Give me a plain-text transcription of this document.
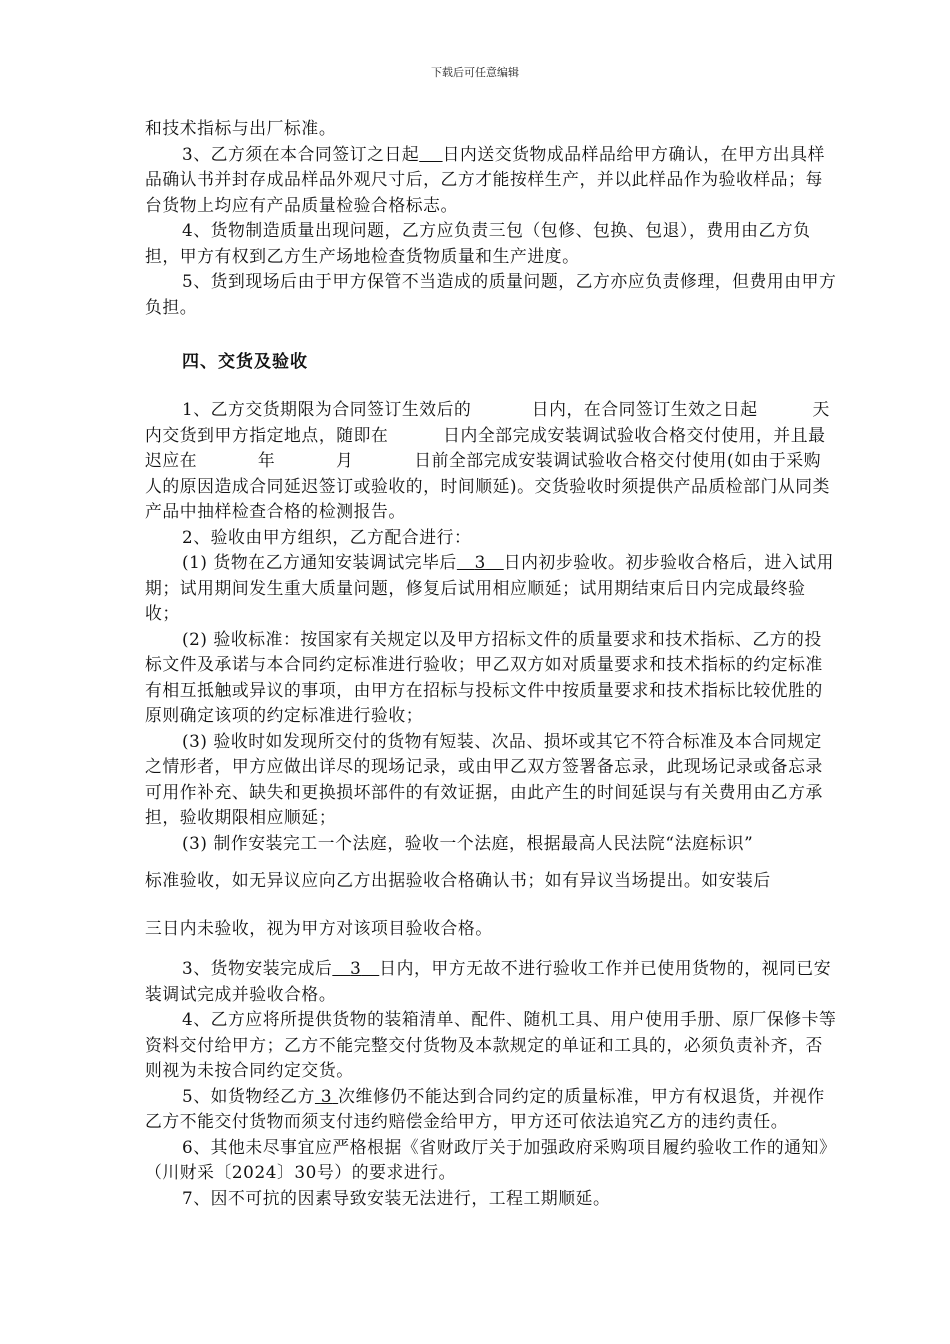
下载后可任意编辑

和技术指标与出厂标准。

3、乙方须在本合同签订之日起　 日内送交货物成品样品给甲方确认，在甲方出具样品确认书并封存成品样品外观尺寸后，乙方才能按样生产，并以此样品作为验收样品；每台货物上均应有产品质量检验合格标志。

4、货物制造质量出现问题，乙方应负责三包（包修、包换、包退），费用由乙方负担，甲方有权到乙方生产场地检查货物质量和生产进度。

5、货到现场后由于甲方保管不当造成的质量问题，乙方亦应负责修理，但费用由甲方负担。

四、交货及验收

1、乙方交货期限为合同签订生效后的　	日内，在合同签订生效之日起	天内交货到甲方指定地点，随即在	日内全部完成安装调试验收合格交付使用，并且最迟应在	年	月	日前全部完成安装调试验收合格交付使用(如由于采购人的原因造成合同延迟签订或验收的，时间顺延)。交货验收时须提供产品质检部门从同类产品中抽样检查合格的检测报告。

2、验收由甲方组织，乙方配合进行：

(1) 货物在乙方通知安装调试完毕后 3 日内初步验收。初步验收合格后，进入试用期；试用期间发生重大质量问题，修复后试用相应顺延；试用期结束后日内完成最终验收；

(2) 验收标准：按国家有关规定以及甲方招标文件的质量要求和技术指标、乙方的投标文件及承诺与本合同约定标准进行验收；甲乙双方如对质量要求和技术指标的约定标准有相互抵触或异议的事项，由甲方在招标与投标文件中按质量要求和技术指标比较优胜的原则确定该项的约定标准进行验收；

(3) 验收时如发现所交付的货物有短装、次品、损坏或其它不符合标准及本合同规定之情形者，甲方应做出详尽的现场记录，或由甲乙双方签署备忘录，此现场记录或备忘录可用作补充、缺失和更换损坏部件的有效证据，由此产生的时间延误与有关费用由乙方承担，验收期限相应顺延；

(3) 制作安装完工一个法庭，验收一个法庭，根据最高人民法院“法庭标识”

标准验收，如无异议应向乙方出据验收合格确认书；如有异议当场提出。如安装后

三日内未验收，视为甲方对该项目验收合格。

3、货物安装完成后 3 日内，甲方无故不进行验收工作并已使用货物的，视同已安装调试完成并验收合格。

4、乙方应将所提供货物的装箱清单、配件、随机工具、用户使用手册、原厂保修卡等资料交付给甲方；乙方不能完整交付货物及本款规定的单证和工具的，必须负责补齐，否则视为未按合同约定交货。

5、如货物经乙方 3 次维修仍不能达到合同约定的质量标准，甲方有权退货，并视作乙方不能交付货物而须支付违约赔偿金给甲方，甲方还可依法追究乙方的违约责任。

6、其他未尽事宜应严格根据《省财政厅关于加强政府采购项目履约验收工作的通知》（川财采〔2024〕30号）的要求进行。

7、因不可抗的因素导致安装无法进行，工程工期顺延。
